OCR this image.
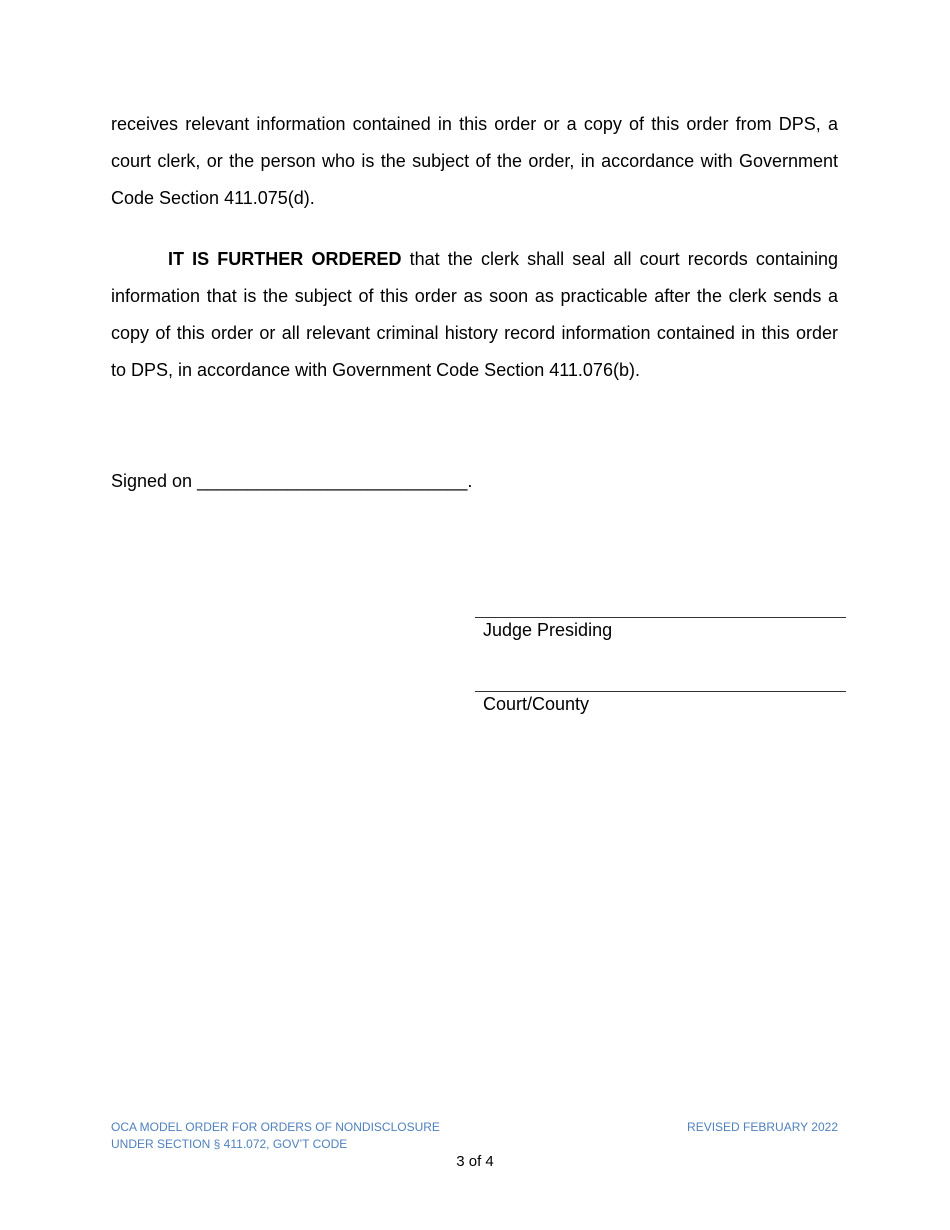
receives relevant information contained in this order or a copy of this order from DPS, a court clerk, or the person who is the subject of the order, in accordance with Government Code Section 411.075(d).

IT IS FURTHER ORDERED that the clerk shall seal all court records containing information that is the subject of this order as soon as practicable after the clerk sends a copy of this order or all relevant criminal history record information contained in this order to DPS, in accordance with Government Code Section 411.076(b).

Signed on ___________________________.
Judge Presiding
Court/County
OCA MODEL ORDER FOR ORDERS OF NONDISCLOSURE
UNDER SECTION § 411.072, GOV’T CODE
REVISED FEBRUARY 2022
3 of 4
